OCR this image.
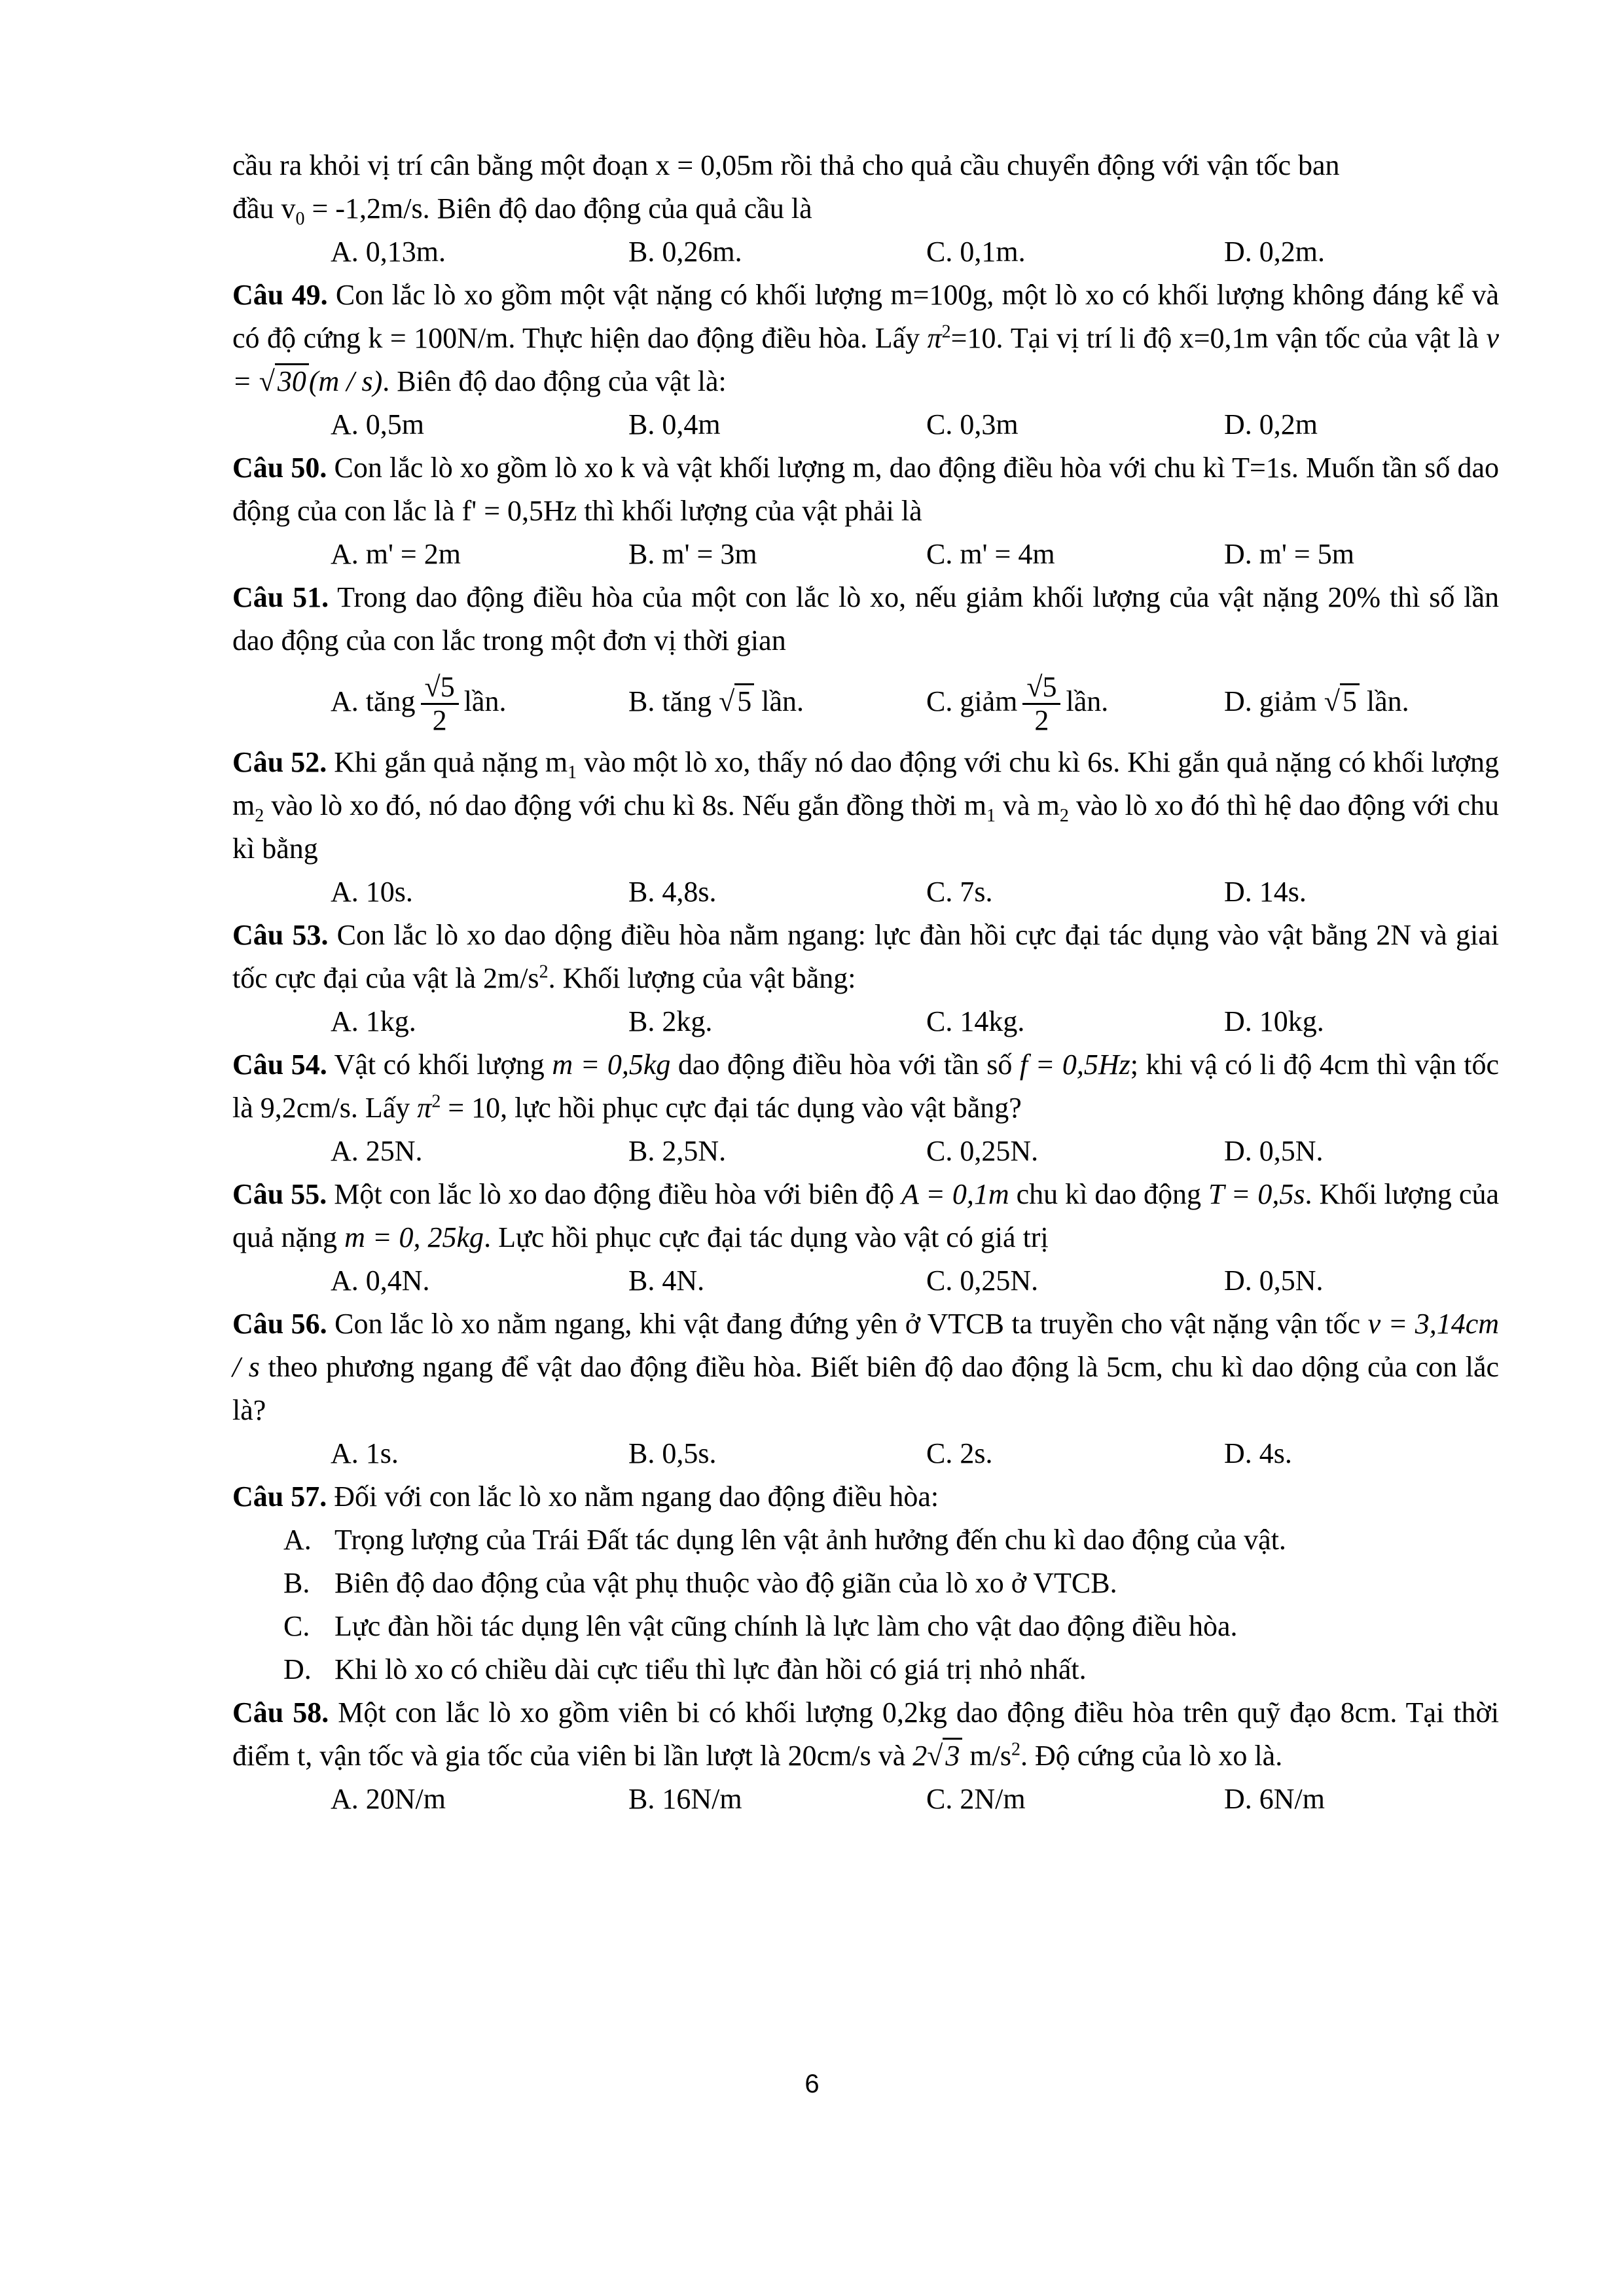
cầu ra khỏi vị trí cân bằng một đoạn x = 0,05m rồi thả cho quả cầu chuyển động với vận tốc ban

đầu $v_0 = -1,2m/s$. Biên độ dao động của quả cầu là

A. 0,13m.	B. 0,26m.	C. 0,1m.	D. 0,2m.

Câu 49. Con lắc lò xo gồm một vật nặng có khối lượng m=100g, một lò xo có khối lượng không đáng kể và có độ cứng k = 100N/m. Thực hiện dao động điều hòa. Lấy $\pi^2=10$. Tại vị trí li độ x=0,1m vận tốc của vật là v = √30(m / s). Biên độ dao động của vật là:

A. 0,5m	B. 0,4m	C. 0,3m	D. 0,2m

Câu 50. Con lắc lò xo gồm lò xo k và vật khối lượng m, dao động điều hòa với chu kì T=1s. Muốn tần số dao động của con lắc là f' = 0,5Hz thì khối lượng của vật phải là

A. m' = 2m	B. m' = 3m	C. m' = 4m	D. m' = 5m

Câu 51. Trong dao động điều hòa của một con lắc lò xo, nếu giảm khối lượng của vật nặng 20% thì số lần dao động của con lắc trong một đơn vị thời gian

A. tăng $\frac{√5}{2}$ lần.	B. tăng √5 lần.	C. giảm $\frac{√5}{2}$ lần.	D. giảm √5 lần.

Câu 52. Khi gắn quả nặng $m_1$ vào một lò xo, thấy nó dao động với chu kì 6s. Khi gắn quả nặng có khối lượng $m_2$ vào lò xo đó, nó dao động với chu kì 8s. Nếu gắn đồng thời $m_1$ và $m_2$ vào lò xo đó thì hệ dao động với chu kì bằng

A. 10s.	B. 4,8s.	C. 7s.	D. 14s.

Câu 53. Con lắc lò xo dao dộng điều hòa nằm ngang: lực đàn hồi cực đại tác dụng vào vật bằng 2N và giai tốc cực đại của vật là $2m/s^2$. Khối lượng của vật bằng:

A. 1kg.	B. 2kg.	C. 14kg.	D. 10kg.

Câu 54. Vật có khối lượng m = 0,5kg dao động điều hòa với tần số f = 0,5Hz; khi vậ có li độ 4cm thì vận tốc là 9,2cm/s. Lấy $\pi^2 = 10$, lực hồi phục cực đại tác dụng vào vật bằng?

A. 25N.	B. 2,5N.	C. 0,25N.	D. 0,5N.

Câu 55. Một con lắc lò xo dao động điều hòa với biên độ A = 0,1m chu kì dao động T = 0,5s. Khối lượng của quả nặng m = 0, 25kg. Lực hồi phục cực đại tác dụng vào vật có giá trị

A. 0,4N.	B. 4N.	C. 0,25N.	D. 0,5N.

Câu 56. Con lắc lò xo nằm ngang, khi vật đang đứng yên ở VTCB ta truyền cho vật nặng vận tốc v = 3,14cm / s theo phương ngang để vật dao động điều hòa. Biết biên độ dao động là 5cm, chu kì dao dộng của con lắc là?

A. 1s.	B. 0,5s.	C. 2s.	D. 4s.

Câu 57. Đối với con lắc lò xo nằm ngang dao động điều hòa:

A. Trọng lượng của Trái Đất tác dụng lên vật ảnh hưởng đến chu kì dao động của vật.

B. Biên độ dao động của vật phụ thuộc vào độ giãn của lò xo ở VTCB.

C. Lực đàn hồi tác dụng lên vật cũng chính là lực làm cho vật dao động điều hòa.

D. Khi lò xo có chiều dài cực tiểu thì lực đàn hồi có giá trị nhỏ nhất.

Câu 58. Một con lắc lò xo gồm viên bi có khối lượng 0,2kg dao động điều hòa trên quỹ đạo 8cm. Tại thời điểm t, vận tốc và gia tốc của viên bi lần lượt là 20cm/s và 2√3 $m/s^2$. Độ cứng của lò xo là.

A. 20N/m	B. 16N/m	C. 2N/m	D. 6N/m
6
